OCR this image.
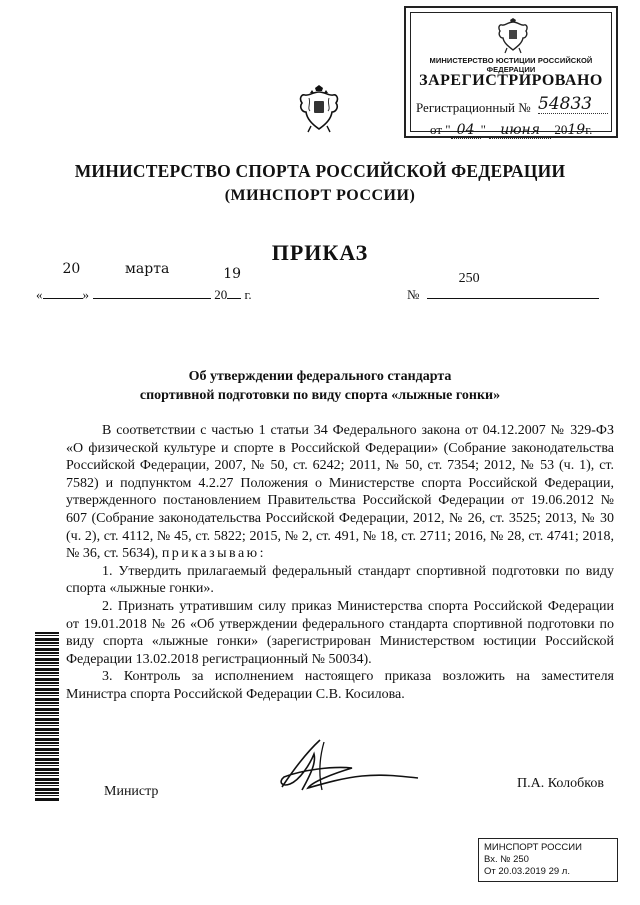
МИНИСТЕРСТВО ЮСТИЦИИ РОССИЙСКОЙ ФЕДЕРАЦИИ
ЗАРЕГИСТРИРОВАНО
Регистрационный № 54833
от " 04 " июня 2019г.
МИНИСТЕРСТВО СПОРТА РОССИЙСКОЙ ФЕДЕРАЦИИ
(МИНСПОРТ РОССИИ)
ПРИКАЗ
«
20
»
марта
20
19
г.	№
250
Об утверждении федерального стандарта
спортивной подготовки по виду спорта «лыжные гонки»

В соответствии с частью 1 статьи 34 Федерального закона от 04.12.2007 № 329-ФЗ «О физической культуре и спорте в Российской Федерации» (Собрание законодательства Российской Федерации, 2007, № 50, ст. 6242; 2011, № 50, ст. 7354; 2012, № 53 (ч. 1), ст. 7582) и подпунктом 4.2.27 Положения о Министерстве спорта Российской Федерации, утвержденного постановлением Правительства Российской Федерации от 19.06.2012 № 607 (Собрание законодательства Российской Федерации, 2012, № 26, ст. 3525; 2013, № 30 (ч. 2), ст. 4112, № 45, ст. 5822; 2015, № 2, ст. 491, № 18, ст. 2711; 2016, № 28, ст. 4741; 2018, № 36, ст. 5634), приказываю:

1. Утвердить прилагаемый федеральный стандарт спортивной подготовки по виду спорта «лыжные гонки».

2. Признать утратившим силу приказ Министерства спорта Российской Федерации от 19.01.2018 № 26 «Об утверждении федерального стандарта спортивной подготовки по виду спорта «лыжные гонки» (зарегистрирован Министерством юстиции Российской Федерации 13.02.2018 регистрационный № 50034).

3. Контроль за исполнением настоящего приказа возложить на заместителя Министра спорта Российской Федерации С.В. Косилова.

Министр
П.А. Колобков
МИНСПОРТ РОССИИ
Вх. № 250
От 20.03.2019 29 л.
